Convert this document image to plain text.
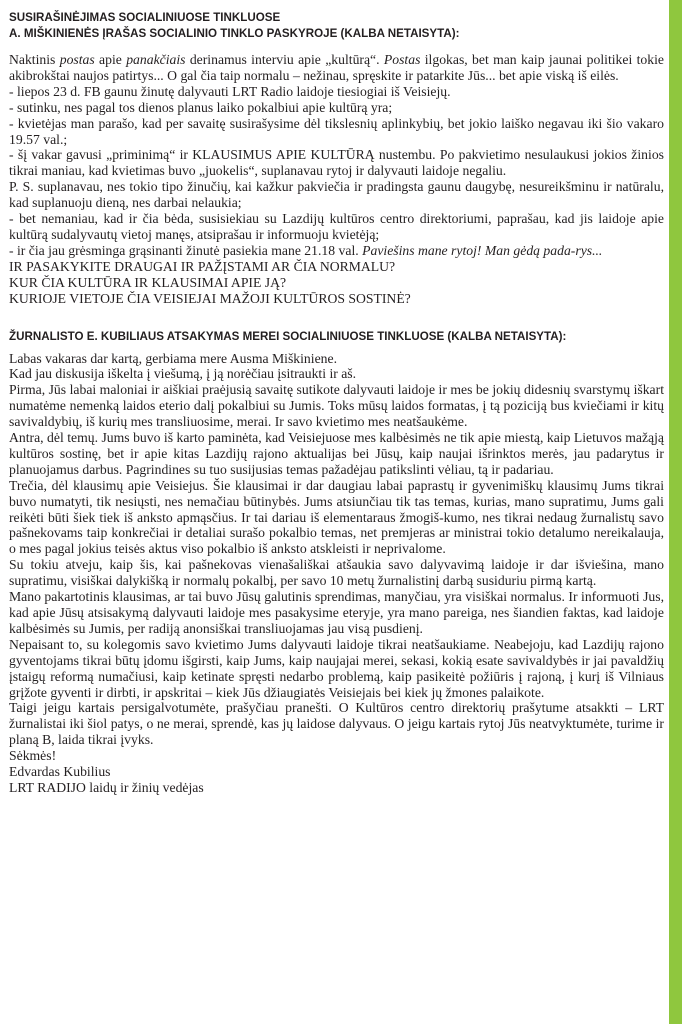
SUSIRAŠINĖJIMAS SOCIALINIUOSE TINKLUOSE

A. MIŠKINIENĖS ĮRAŠAS SOCIALINIO TINKLO PASKYROJE (KALBA NETAISYTA):

Naktinis postas apie panakčiais derinamus interviu apie „kultūrą“. Postas ilgokas, bet man kaip jaunai politikei tokie akibrokštai naujos patirtys... O gal čia taip normalu – nežinau, spręskite ir patarkite Jūs... bet apie viską iš eilės.

- liepos 23 d. FB gaunu žinutę dalyvauti LRT Radio laidoje tiesiogiai iš Veisiejų.

- sutinku, nes pagal tos dienos planus laiko pokalbiui apie kultūrą yra;

- kvietėjas man parašo, kad per savaitę susirašysime dėl tikslesnių aplinkybių, bet jokio laiško negavau iki šio vakaro 19.57 val.;

- šį vakar gavusi „priminimą“ ir KLAUSIMUS APIE KULTŪRĄ nustembu. Po pakvietimo nesulaukusi jokios žinios tikrai maniau, kad kvietimas buvo „juokelis“, suplanavau rytoj ir dalyvauti laidoje negaliu.

P. S. suplanavau, nes tokio tipo žinučių, kai kažkur pakviečia ir pradingsta gaunu daugybę, nesureikšminu ir natūralu, kad suplanuoju dieną, nes darbai nelaukia;

- bet nemaniau, kad ir čia bėda, susisiekiau su Lazdijų kultūros centro direktoriumi, paprašau, kad jis laidoje apie kultūrą sudalyvautų vietoj manęs, atsiprašau ir informuoju kvietėją;

- ir čia jau grėsminga grąsinanti žinutė pasiekia mane 21.18 val. Paviešins mane rytoj! Man gėdą pada-rys...

IR PASAKYKITE DRAUGAI IR PAŽĮSTAMI AR ČIA NORMALU?

KUR ČIA KULTŪRA IR KLAUSIMAI APIE JĄ?

KURIOJE VIETOJE ČIA VEISIEJAI MAŽOJI KULTŪROS SOSTINĖ?

ŽURNALISTO E. KUBILIAUS ATSAKYMAS MEREI SOCIALINIUOSE TINKLUOSE (KALBA NETAISYTA):

Labas vakaras dar kartą, gerbiama mere Ausma Miškiniene.

Kad jau diskusija iškelta į viešumą, į ją norėčiau įsitraukti ir aš.

Pirma, Jūs labai maloniai ir aiškiai praėjusią savaitę sutikote dalyvauti laidoje ir mes be jokių didesnių svarstymų iškart numatėme nemenką laidos eterio dalį pokalbiui su Jumis. Toks mūsų laidos formatas, į tą poziciją bus kviečiami ir kitų savivaldybių, iš kurių mes transliuosime, merai. Ir savo kvietimo mes neatšaukėme.

Antra, dėl temų. Jums buvo iš karto paminėta, kad Veisiejuose mes kalbėsimės ne tik apie miestą, kaip Lietuvos mažąją kultūros sostinę, bet ir apie kitas Lazdijų rajono aktualijas bei Jūsų, kaip naujai išrinktos merės, jau padarytus ir planuojamus darbus. Pagrindines su tuo susijusias temas pažadėjau patikslinti vėliau, tą ir padariau.

Trečia, dėl klausimų apie Veisiejus. Šie klausimai ir dar daugiau labai paprastų ir gyvenimiškų klausimų Jums tikrai buvo numatyti, tik nesiųsti, nes nemačiau būtinybės. Jums atsiunčiau tik tas temas, kurias, mano supratimu, Jums gali reikėti būti šiek tiek iš anksto apmąsčius. Ir tai dariau iš elementaraus žmogiš-kumo, nes tikrai nedaug žurnalistų savo pašnekovams taip konkrečiai ir detaliai surašo pokalbio temas, net premjeras ar ministrai tokio detalumo nereikalauja, o mes pagal jokius teisės aktus viso pokalbio iš anksto atskleisti ir neprivalome.

Su tokiu atveju, kaip šis, kai pašnekovas vienašališkai atšaukia savo dalyvavimą laidoje ir dar išviešina, mano supratimu, visiškai dalykišką ir normalų pokalbį, per savo 10 metų žurnalistinį darbą susiduriu pirmą kartą.

Mano pakartotinis klausimas, ar tai buvo Jūsų galutinis sprendimas, manyčiau, yra visiškai normalus. Ir informuoti Jus, kad apie Jūsų atsisakymą dalyvauti laidoje mes pasakysime eteryje, yra mano pareiga, nes šiandien faktas, kad laidoje kalbėsimės su Jumis, per radiją anonsiškai transliuojamas jau visą pusdienį.

Nepaisant to, su kolegomis savo kvietimo Jums dalyvauti laidoje tikrai neatšaukiame. Neabejoju, kad Lazdijų rajono gyventojams tikrai būtų įdomu išgirsti, kaip Jums, kaip naujajai merei, sekasi, kokią esate savivaldybės ir jai pavaldžių įstaigų reformą numačiusi, kaip ketinate spręsti nedarbo problemą, kaip pasikeitė požiūris į rajoną, į kurį iš Vilniaus grįžote gyventi ir dirbti, ir apskritai – kiek Jūs džiaugiatės Veisiejais bei kiek jų žmones palaikote.

Taigi jeigu kartais persigalvotumėte, prašyčiau pranešti. O Kultūros centro direktorių prašytume atsakkti – LRT žurnalistai iki šiol patys, o ne merai, sprendė, kas jų laidose dalyvaus. O jeigu kartais rytoj Jūs neatvyktumėte, turime ir planą B, laida tikrai įvyks.

Sėkmės!

Edvardas Kubilius

LRT RADIJO laidų ir žinių vedėjas
